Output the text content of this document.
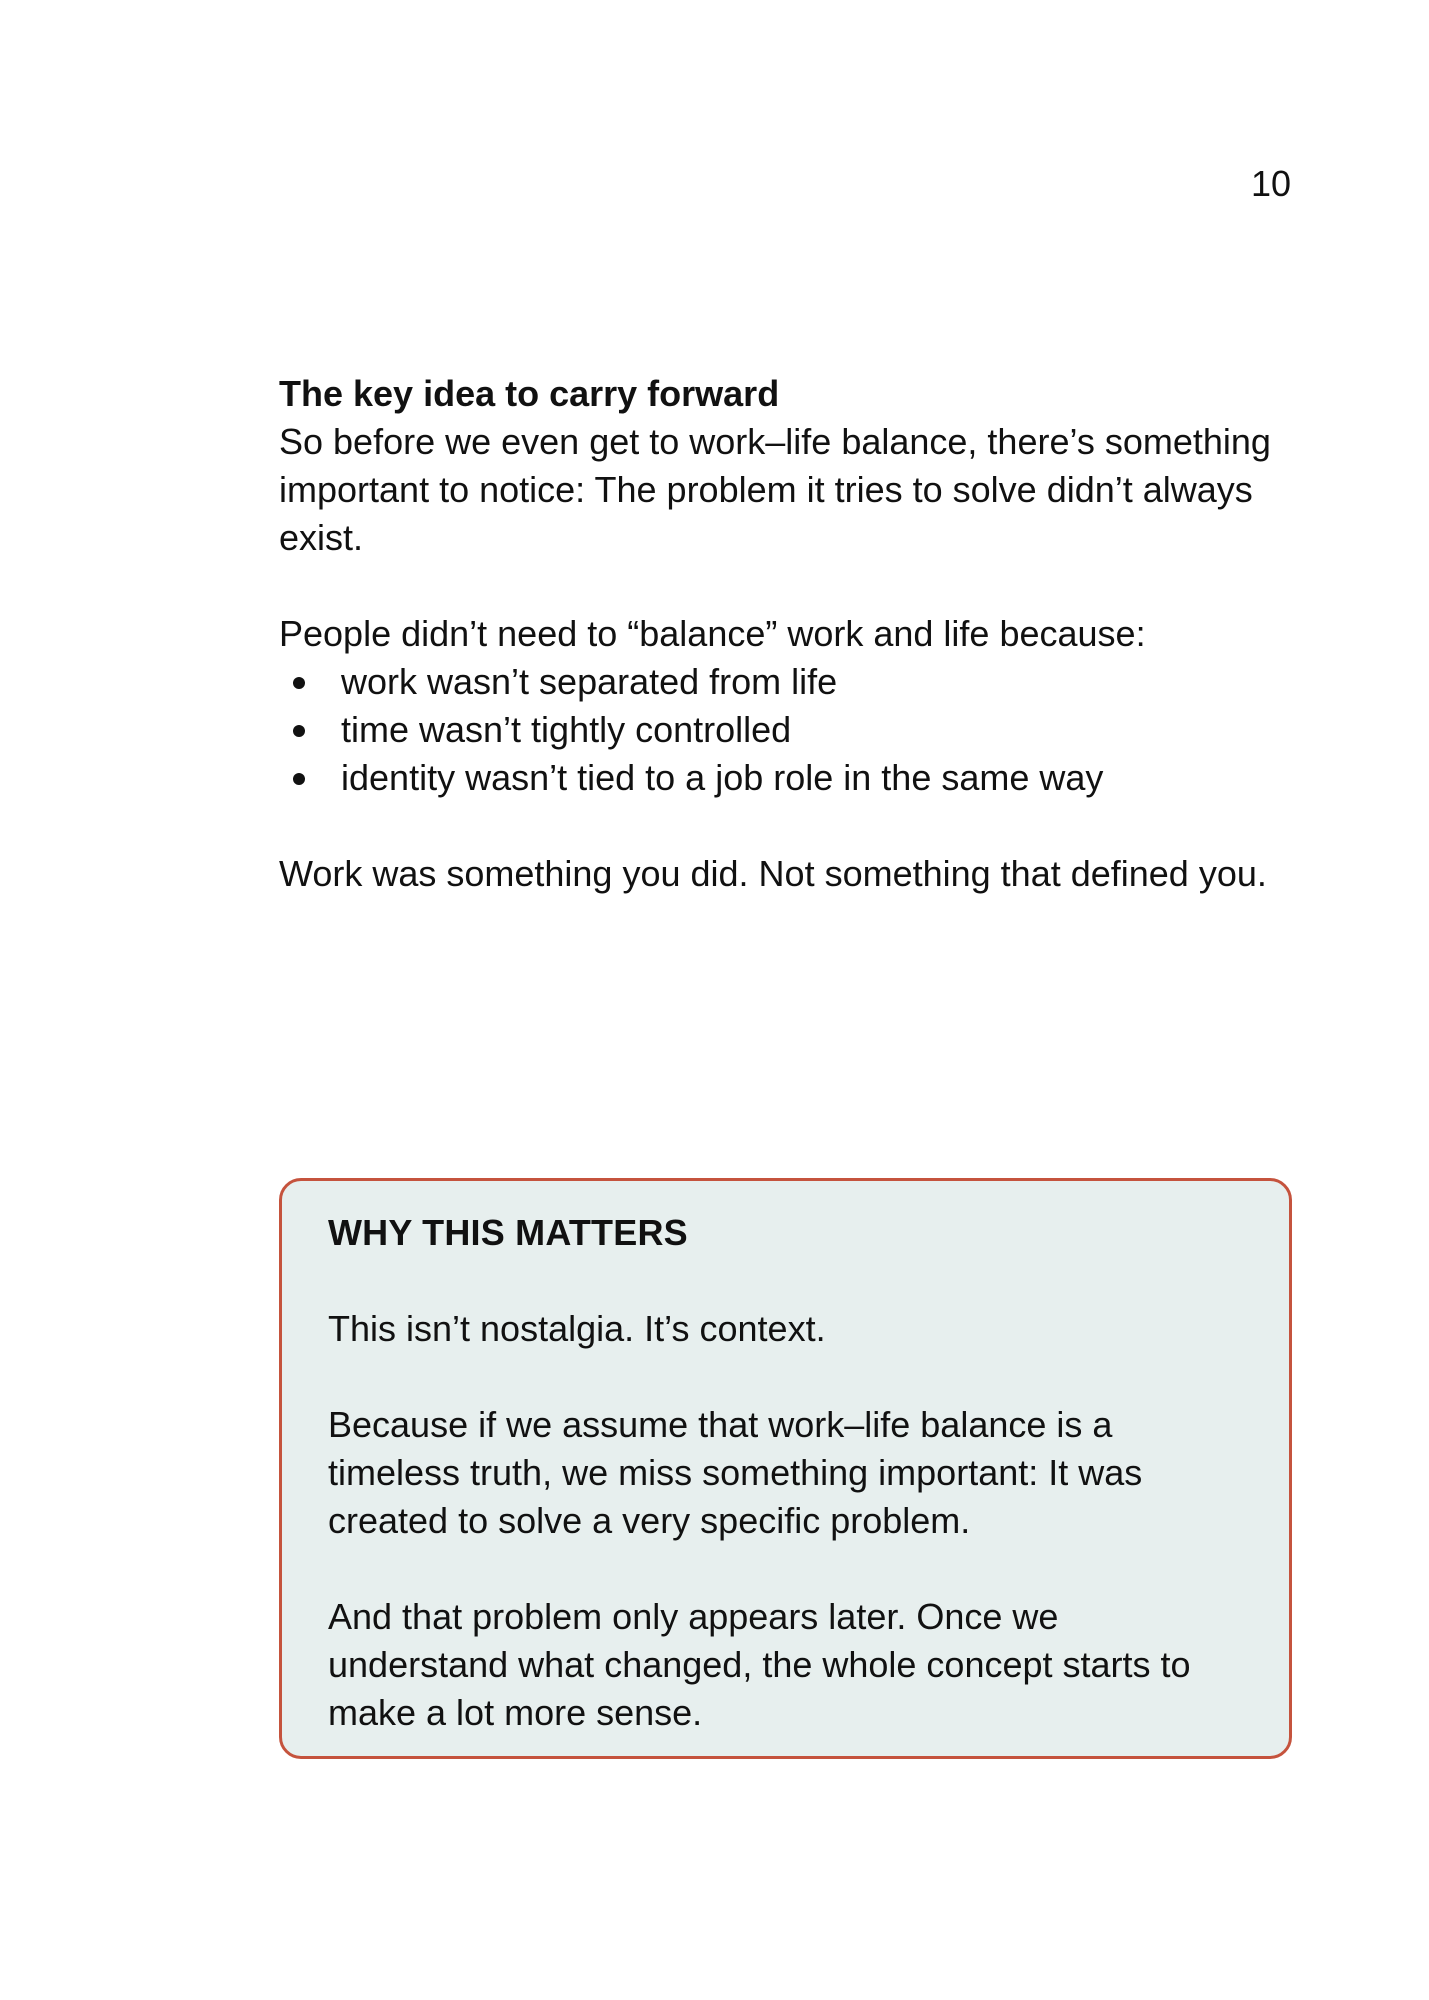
10

The key idea to carry forward

So before we even get to work–life balance, there’s something important to notice: The problem it tries to solve didn’t always exist.

People didn’t need to “balance” work and life because:

work wasn’t separated from life
time wasn’t tightly controlled
identity wasn’t tied to a job role in the same way

Work was something you did. Not something that defined you.

WHY THIS MATTERS

This isn’t nostalgia. It’s context.

Because if we assume that work–life balance is a timeless truth, we miss something important: It was created to solve a very specific problem.

And that problem only appears later. Once we understand what changed, the whole concept starts to make a lot more sense.
